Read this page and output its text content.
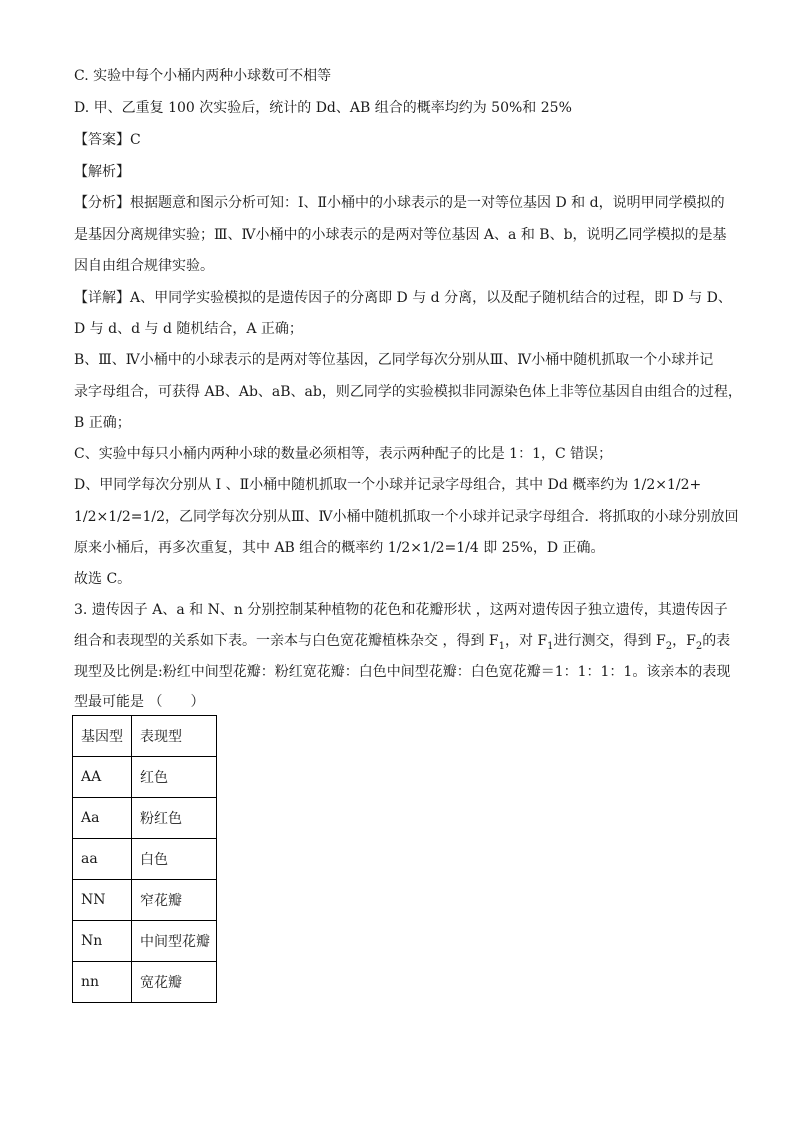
C. 实验中每个小桶内两种小球数可不相等
D. 甲、乙重复 100 次实验后，统计的 Dd、AB 组合的概率均约为 50%和 25%
【答案】C
【解析】
【分析】根据题意和图示分析可知：I、Ⅱ小桶中的小球表示的是一对等位基因 D 和 d，说明甲同学模拟的
是基因分离规律实验；Ⅲ、Ⅳ小桶中的小球表示的是两对等位基因 A、a 和 B、b，说明乙同学模拟的是基
因自由组合规律实验。
【详解】A、甲同学实验模拟的是遗传因子的分离即 D 与 d 分离，以及配子随机结合的过程，即 D 与 D、
D 与 d、d 与 d 随机结合，A 正确；
B、Ⅲ、Ⅳ小桶中的小球表示的是两对等位基因，乙同学每次分别从Ⅲ、Ⅳ小桶中随机抓取一个小球并记
录字母组合，可获得 AB、Ab、aB、ab，则乙同学的实验模拟非同源染色体上非等位基因自由组合的过程，
B 正确；
C、实验中每只小桶内两种小球的数量必须相等，表示两种配子的比是 1：1，C 错误；
D、甲同学每次分别从 I 、Ⅱ小桶中随机抓取一个小球并记录字母组合，其中 Dd 概率约为 1/2×1/2+
1/2×1/2=1/2，乙同学每次分别从Ⅲ、Ⅳ小桶中随机抓取一个小球并记录字母组合．将抓取的小球分别放回
原来小桶后，再多次重复，其中 AB 组合的概率约 1/2×1/2=1/4 即 25%，D 正确。
故选 C。
3. 遗传因子 A、a 和 N、n 分别控制某种植物的花色和花瓣形状 ，这两对遗传因子独立遗传，其遗传因子
组合和表现型的关系如下表。一亲本与白色宽花瓣植株杂交 ，得到 $F_1$，对 $F_1$进行测交，得到 $F_2$，$F_2$的表
现型及比例是:粉红中间型花瓣：粉红宽花瓣：白色中间型花瓣：白色宽花瓣＝1：1：1：1。该亲本的表现
型最可能是 （　　）
基因型	表现型
AA	红色
Aa	粉红色
aa	白色
NN	窄花瓣
Nn	中间型花瓣
nn	宽花瓣
